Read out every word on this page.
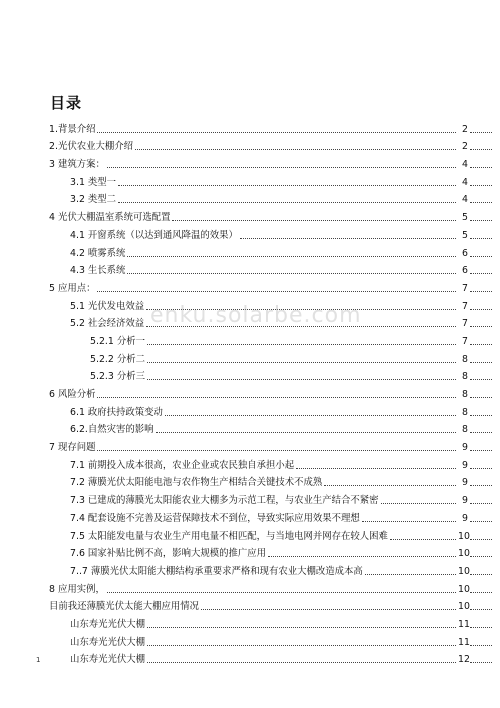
目录
1.背景介绍	2
2.光伏农业大棚介绍	2
3 建筑方案：	4
3.1 类型一	4
3.2 类型二	4
4 光伏大棚温室系统可选配置	5
4.1 开窗系统（以达到通风降温的效果）	5
4.2 喷雾系统	6
4.3 生长系统	6
5 应用点：	7
5.1 光伏发电效益	7
5.2 社会经济效益	7
5.2.1 分析一	7
5.2.2 分析二	8
5.2.3 分析三	8
6 风险分析	8
6.1 政府扶持政策变动	8
6.2.自然灾害的影响	8
7 现存问题	9
7.1 前期投入成本很高，农业企业或农民独自承担小起	9
7.2 薄膜光伏太阳能电池与农作物生产相结合关键技术不成熟	9
7.3 已建成的薄膜光太阳能农业大棚多为示范工程，与农业生产结合不紧密	9
7.4 配套设施不完善及运营保障技术不到位，导致实际应用效果不理想	9
7.5 太阳能发电量与农业生产用电量不相匹配，与当地电网并网存在较人困难	10
7.6 国家补贴比例不高，影响大规模的推广应用	10
7..7 薄膜光伏太阳能大棚结构承重要求严格和现有农业大棚改造成本高	10
8 应用实例，	10
目前我还薄膜光伏太能大棚应用情况	10
山东寿光光伏大棚	11
山东寿光光伏大棚	11
山东寿光光伏大棚	12
enku.solarbe.com
1
